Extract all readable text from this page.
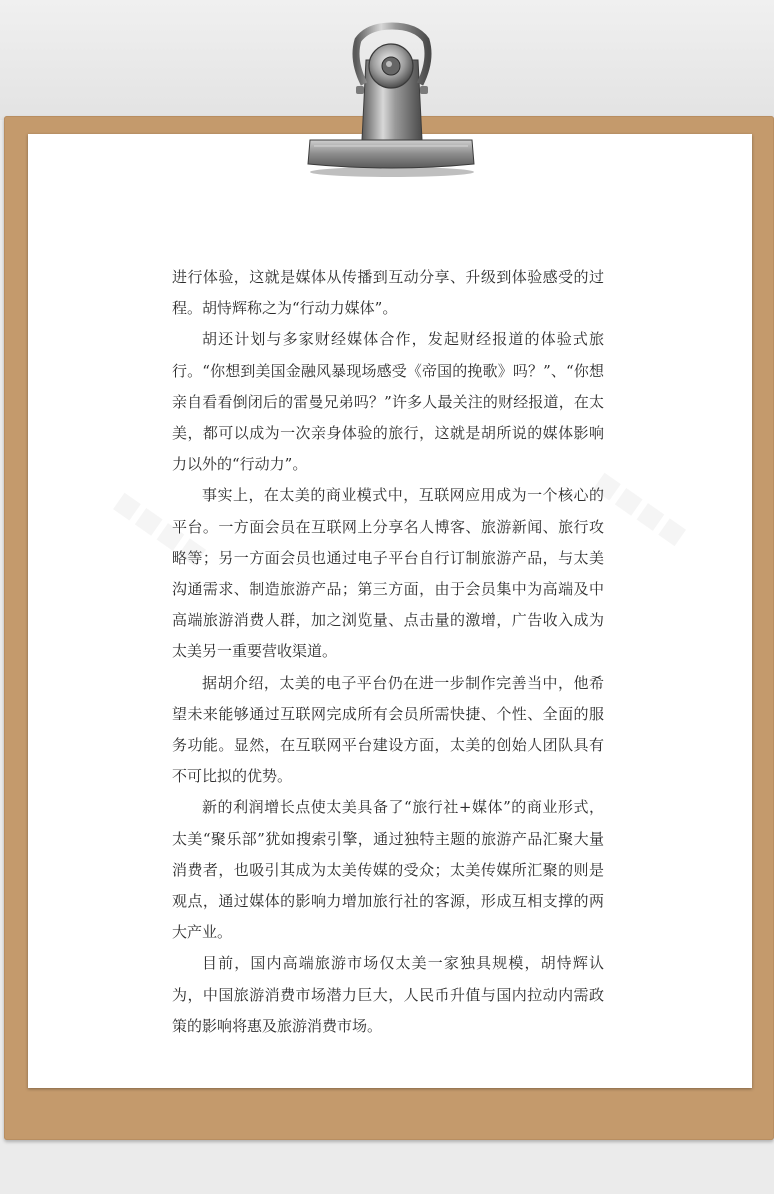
■■■■	■■■■

进行体验，这就是媒体从传播到互动分享、升级到体验感受的过程。胡恃辉称之为“行动力媒体”。

胡还计划与多家财经媒体合作，发起财经报道的体验式旅行。“你想到美国金融风暴现场感受《帝国的挽歌》吗？”、“你想亲自看看倒闭后的雷曼兄弟吗？”许多人最关注的财经报道，在太美，都可以成为一次亲身体验的旅行，这就是胡所说的媒体影响力以外的“行动力”。

事实上，在太美的商业模式中，互联网应用成为一个核心的平台。一方面会员在互联网上分享名人博客、旅游新闻、旅行攻略等；另一方面会员也通过电子平台自行订制旅游产品，与太美沟通需求、制造旅游产品；第三方面，由于会员集中为高端及中高端旅游消费人群，加之浏览量、点击量的激增，广告收入成为太美另一重要营收渠道。

据胡介绍，太美的电子平台仍在进一步制作完善当中，他希望未来能够通过互联网完成所有会员所需快捷、个性、全面的服务功能。显然，在互联网平台建设方面，太美的创始人团队具有不可比拟的优势。

新的利润增长点使太美具备了“旅行社+媒体”的商业形式，太美“聚乐部”犹如搜索引擎，通过独特主题的旅游产品汇聚大量消费者，也吸引其成为太美传媒的受众；太美传媒所汇聚的则是观点，通过媒体的影响力增加旅行社的客源，形成互相支撑的两大产业。

目前，国内高端旅游市场仅太美一家独具规模，胡恃辉认为，中国旅游消费市场潜力巨大，人民币升值与国内拉动内需政策的影响将惠及旅游消费市场。
